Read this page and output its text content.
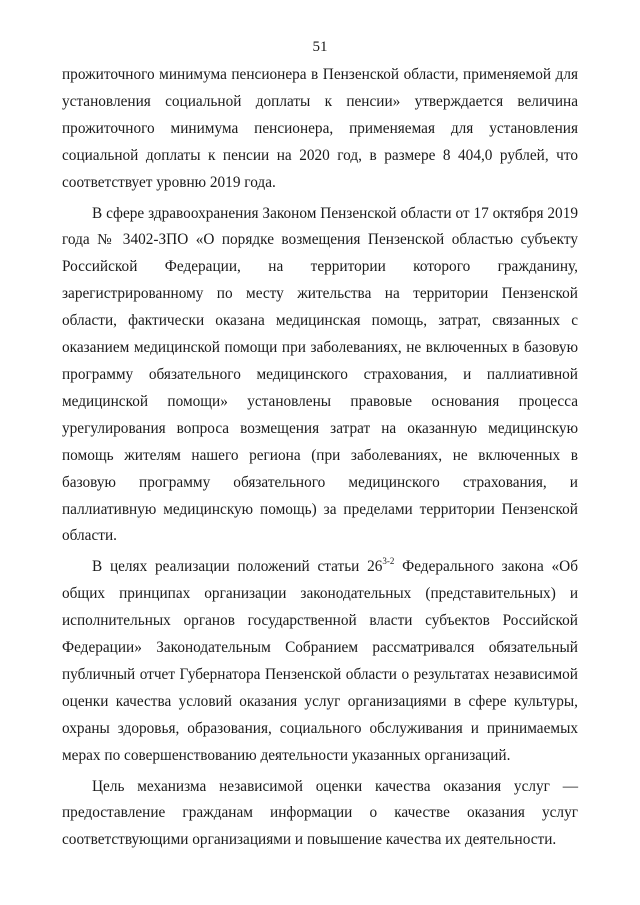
51

прожиточного минимума пенсионера в Пензенской области, применяемой для установления социальной доплаты к пенсии» утверждается величина прожиточного минимума пенсионера, применяемая для установления социальной доплаты к пенсии на 2020 год, в размере 8 404,0 рублей, что соответствует уровню 2019 года.

В сфере здравоохранения Законом Пензенской области от 17 октября 2019 года № 3402-ЗПО «О порядке возмещения Пензенской областью субъекту Российской Федерации, на территории которого гражданину, зарегистрированному по месту жительства на территории Пензенской области, фактически оказана медицинская помощь, затрат, связанных с оказанием медицинской помощи при заболеваниях, не включенных в базовую программу обязательного медицинского страхования, и паллиативной медицинской помощи» установлены правовые основания процесса урегулирования вопроса возмещения затрат на оказанную медицинскую помощь жителям нашего региона (при заболеваниях, не включенных в базовую программу обязательного медицинского страхования, и паллиативную медицинскую помощь) за пределами территории Пензенской области.

В целях реализации положений статьи 26$^{3-2}$ Федерального закона «Об общих принципах организации законодательных (представительных) и исполнительных органов государственной власти субъектов Российской Федерации» Законодательным Собранием рассматривался обязательный публичный отчет Губернатора Пензенской области о результатах независимой оценки качества условий оказания услуг организациями в сфере культуры, охраны здоровья, образования, социального обслуживания и принимаемых мерах по совершенствованию деятельности указанных организаций.

Цель механизма независимой оценки качества оказания услуг — предоставление гражданам информации о качестве оказания услуг соответствующими организациями и повышение качества их деятельности.
